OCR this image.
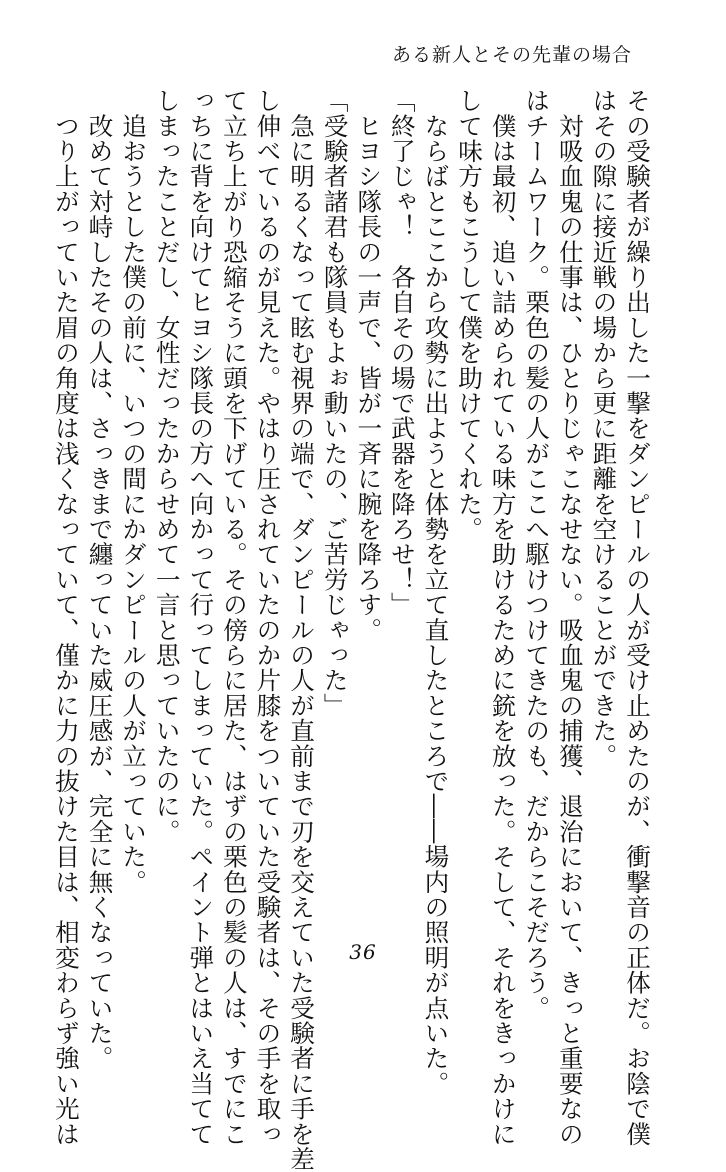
ある新人とその先輩の場合

その受験者が繰り出した一撃をダンピールの人が受け止めたのが、衝撃音の正体だ。お陰で僕

はその隙に接近戦の場から更に距離を空けることができた。

　対吸血鬼の仕事は、ひとりじゃこなせない。吸血鬼の捕獲、退治において、きっと重要なの

はチームワーク。栗色の髪の人がここへ駆けつけてきたのも、だからこそだろう。

　僕は最初、追い詰められている味方を助けるために銃を放った。そして、それをきっかけに

して味方もこうして僕を助けてくれた。

　ならばとここから攻勢に出ようと体勢を立て直したところで――場内の照明が点いた。

「終了じゃ！　各自その場で武器を降ろせ！」

　ヒヨシ隊長の一声で、皆が一斉に腕を降ろす。

「受験者諸君も隊員もよぉ動いたの、ご苦労じゃった」

　急に明るくなって眩む視界の端で、ダンピールの人が直前まで刃を交えていた受験者に手を差

し伸べているのが見えた。やはり圧されていたのか片膝をついていた受験者は、その手を取っ

て立ち上がり恐縮そうに頭を下げている。その傍らに居た、はずの栗色の髪の人は、すでにこ

っちに背を向けてヒヨシ隊長の方へ向かって行ってしまっていた。ペイント弾とはいえ当てて

しまったことだし、女性だったからせめて一言と思っていたのに。

　追おうとした僕の前に、いつの間にかダンピールの人が立っていた。

　改めて対峙したその人は、さっきまで纏っていた威圧感が、完全に無くなっていた。

　つり上がっていた眉の角度は浅くなっていて、僅かに力の抜けた目は、相変わらず強い光は	36
